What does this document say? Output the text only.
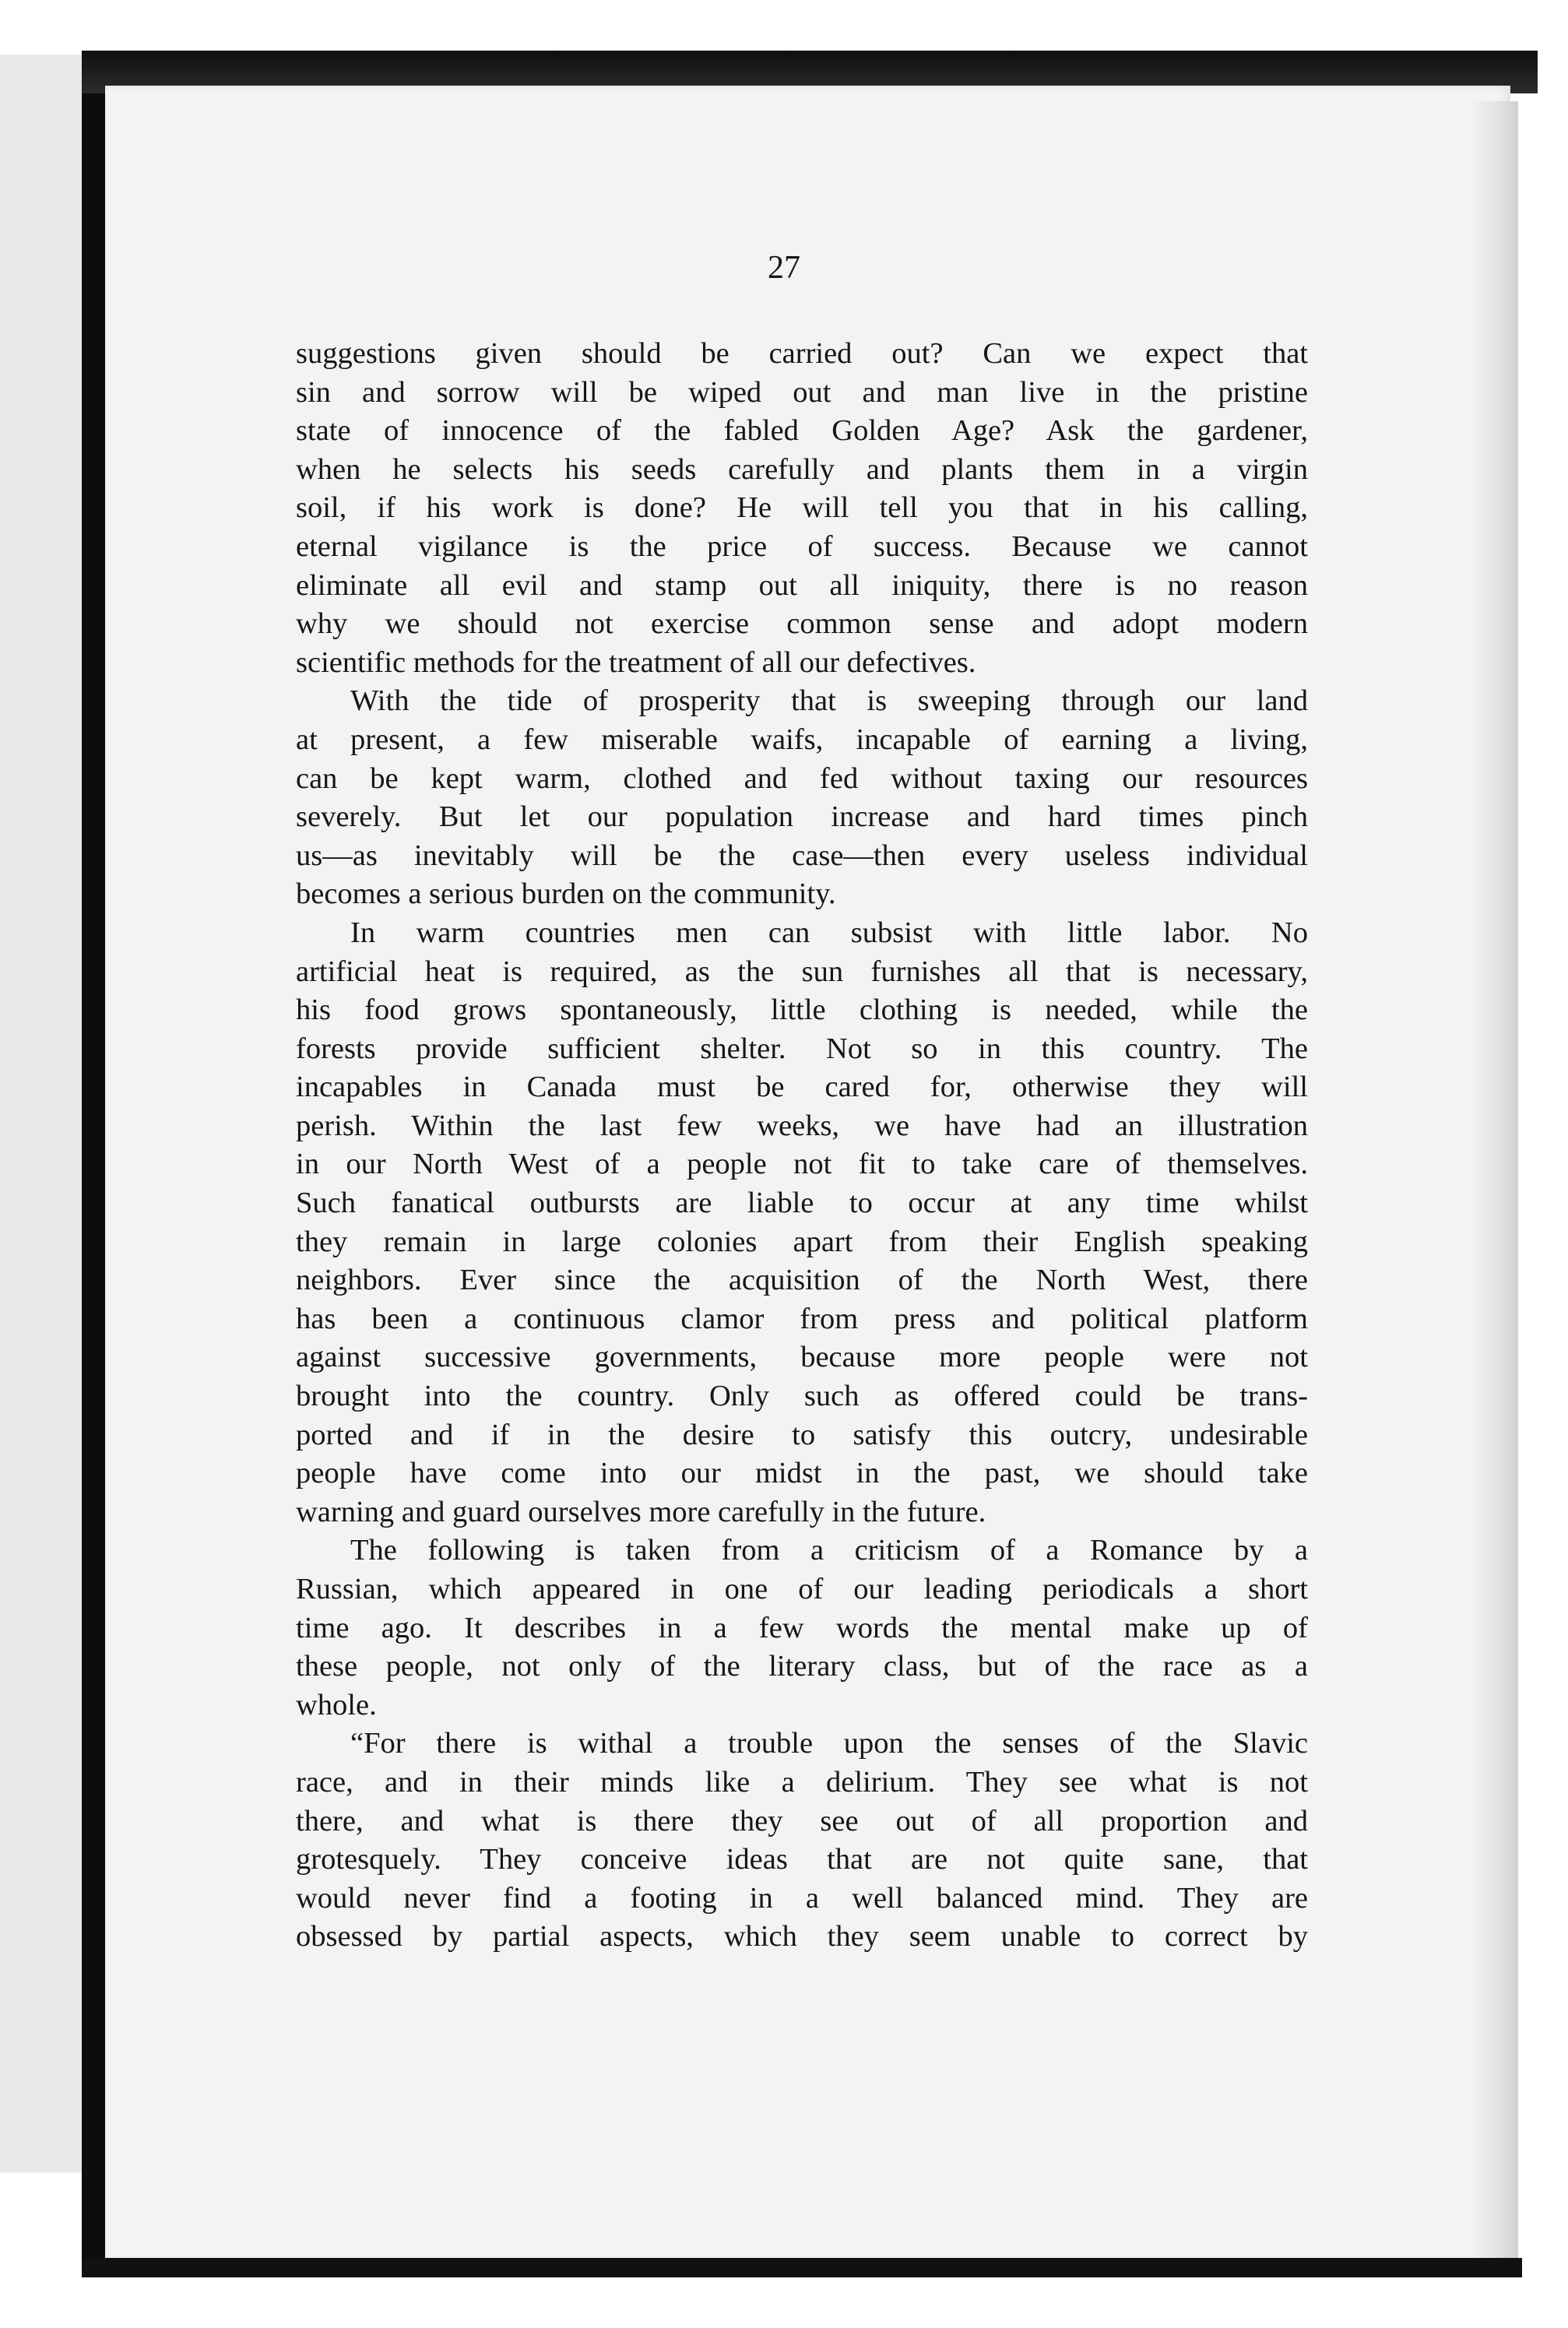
27
suggestions given should be carried out? Can we expect that
sin and sorrow will be wiped out and man live in the pristine
state of innocence of the fabled Golden Age? Ask the gardener,
when he selects his seeds carefully and plants them in a virgin
soil, if his work is done? He will tell you that in his calling,
eternal vigilance is the price of success. Because we cannot
eliminate all evil and stamp out all iniquity, there is no reason
why we should not exercise common sense and adopt modern
scientific methods for the treatment of all our defectives.
With the tide of prosperity that is sweeping through our land
at present, a few miserable waifs, incapable of earning a living,
can be kept warm, clothed and fed without taxing our resources
severely. But let our population increase and hard times pinch
us—as inevitably will be the case—then every useless individual
becomes a serious burden on the community.
In warm countries men can subsist with little labor. No
artificial heat is required, as the sun furnishes all that is necessary,
his food grows spontaneously, little clothing is needed, while the
forests provide sufficient shelter. Not so in this country. The
incapables in Canada must be cared for, otherwise they will
perish. Within the last few weeks, we have had an illustration
in our North West of a people not fit to take care of themselves.
Such fanatical outbursts are liable to occur at any time whilst
they remain in large colonies apart from their English speaking
neighbors. Ever since the acquisition of the North West, there
has been a continuous clamor from press and political platform
against successive governments, because more people were not
brought into the country. Only such as offered could be trans-
ported and if in the desire to satisfy this outcry, undesirable
people have come into our midst in the past, we should take
warning and guard ourselves more carefully in the future.
The following is taken from a criticism of a Romance by a
Russian, which appeared in one of our leading periodicals a short
time ago. It describes in a few words the mental make up of
these people, not only of the literary class, but of the race as a
whole.
“For there is withal a trouble upon the senses of the Slavic
race, and in their minds like a delirium. They see what is not
there, and what is there they see out of all proportion and
grotesquely. They conceive ideas that are not quite sane, that
would never find a footing in a well balanced mind. They are
obsessed by partial aspects, which they seem unable to correct by
